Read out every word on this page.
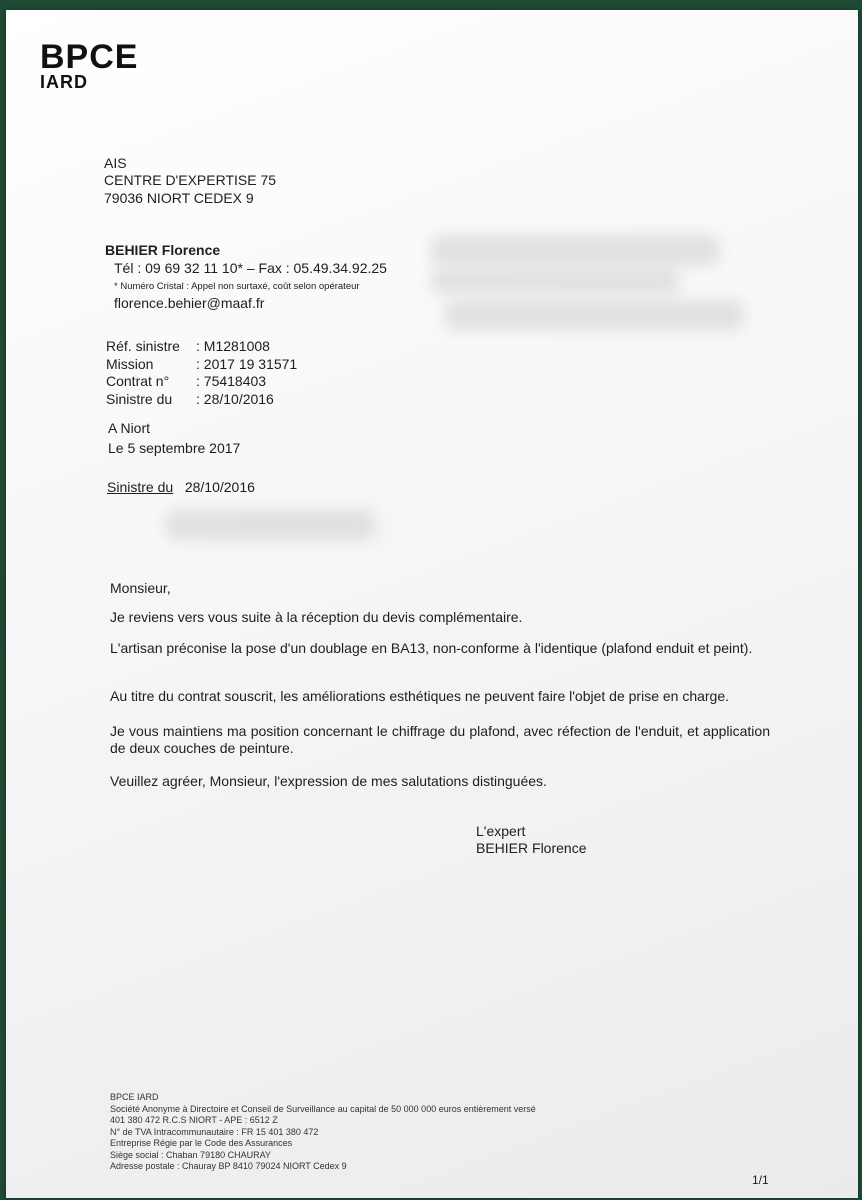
BPCE
IARD
AIS
CENTRE D'EXPERTISE 75
79036 NIORT CEDEX 9
BEHIER Florence
Tél : 09 69 32 11 10* – Fax : 05.49.34.92.25
* Numéro Cristal : Appel non surtaxé, coût selon opérateur
florence.behier@maaf.fr
Réf. sinistre	: M1281008
Mission	: 2017 19 31571
Contrat n°	: 75418403
Sinistre du	: 28/10/2016
A Niort
Le 5 septembre 2017
Sinistre du 28/10/2016
Monsieur,
Je reviens vers vous suite à la réception du devis complémentaire.
L'artisan préconise la pose d'un doublage en BA13, non-conforme à l'identique (plafond enduit et peint).
Au titre du contrat souscrit, les améliorations esthétiques ne peuvent faire l'objet de prise en charge.
Je vous maintiens ma position concernant le chiffrage du plafond, avec réfection de l'enduit, et application de deux couches de peinture.
Veuillez agréer, Monsieur, l'expression de mes salutations distinguées.
L'expert
BEHIER Florence
BPCE IARD
Société Anonyme à Directoire et Conseil de Surveillance au capital de 50 000 000 euros entièrement versé
401 380 472 R.C.S NIORT - APE : 6512 Z
N° de TVA Intracommunautaire : FR 15 401 380 472
Entreprise Régie par le Code des Assurances
Siège social : Chaban 79180 CHAURAY
Adresse postale : Chauray BP 8410 79024 NIORT Cedex 9
1/1
